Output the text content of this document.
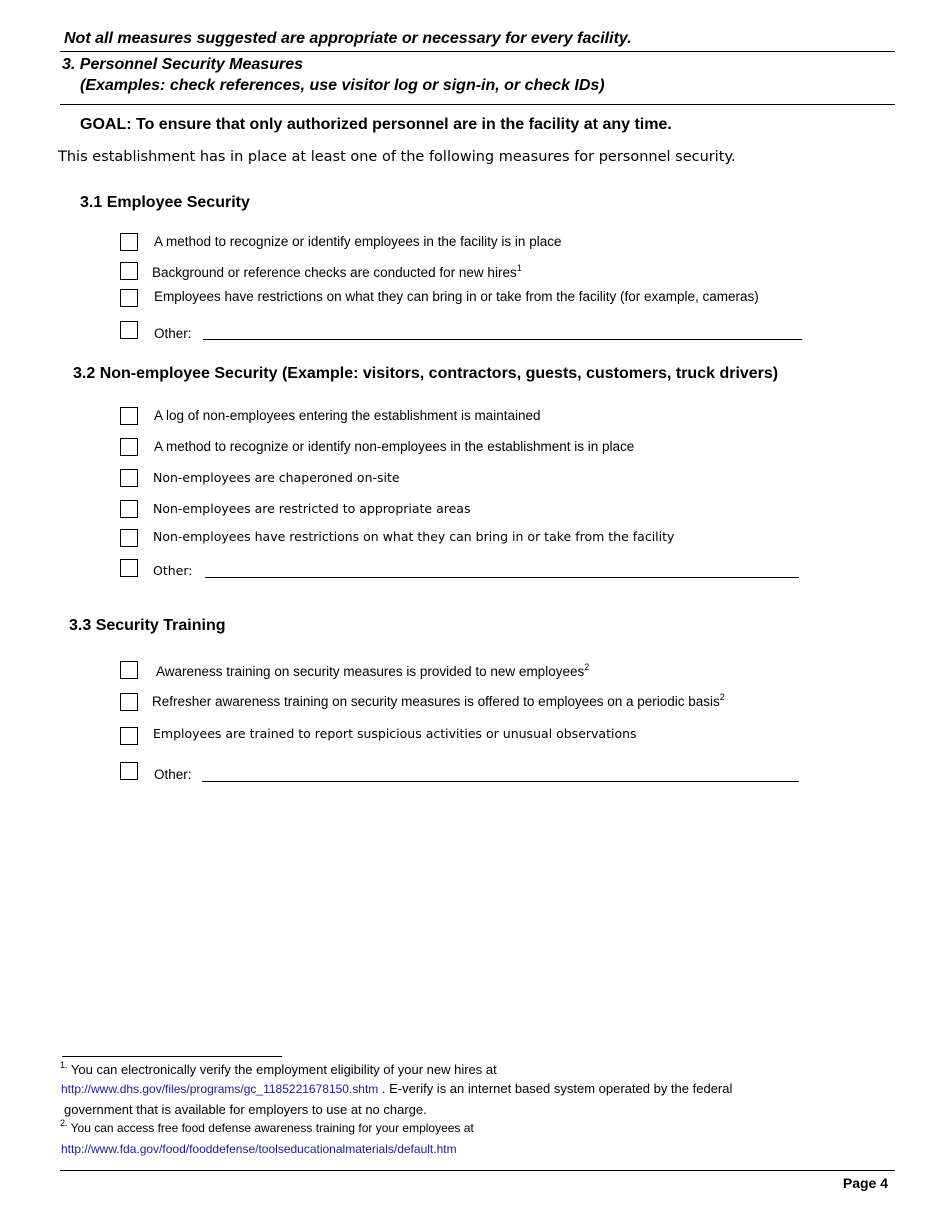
Not all measures suggested are appropriate or necessary for every facility.
3. Personnel Security Measures
(Examples: check references, use visitor log or sign-in, or check IDs)
GOAL: To ensure that only authorized personnel are in the facility at any time.
This establishment has in place at least one of the following measures for personnel security.
3.1 Employee Security
A method to recognize or identify employees in the facility is in place
Background or reference checks are conducted for new hires$^1$
Employees have restrictions on what they can bring in or take from the facility (for example, cameras)
Other:
3.2 Non-employee Security (Example: visitors, contractors, guests, customers, truck drivers)
A log of non-employees entering the establishment is maintained
A method to recognize or identify non-employees in the establishment is in place
Non-employees are chaperoned on-site
Non-employees are restricted to appropriate areas
Non-employees have restrictions on what they can bring in or take from the facility
Other:
3.3 Security Training
Awareness training on security measures is provided to new employees$^2$
Refresher awareness training on security measures is offered to employees on a periodic basis$^2$
Employees are trained to report suspicious activities or unusual observations
Other:
$^{1.}$ You can electronically verify the employment eligibility of your new hires at
http://www.dhs.gov/files/programs/gc_1185221678150.shtm . E-verify is an internet based system operated by the federal
government that is available for employers to use at no charge.
$^{2.}$ You can access free food defense awareness training for your employees at
http://www.fda.gov/food/fooddefense/toolseducationalmaterials/default.htm
Page 4
